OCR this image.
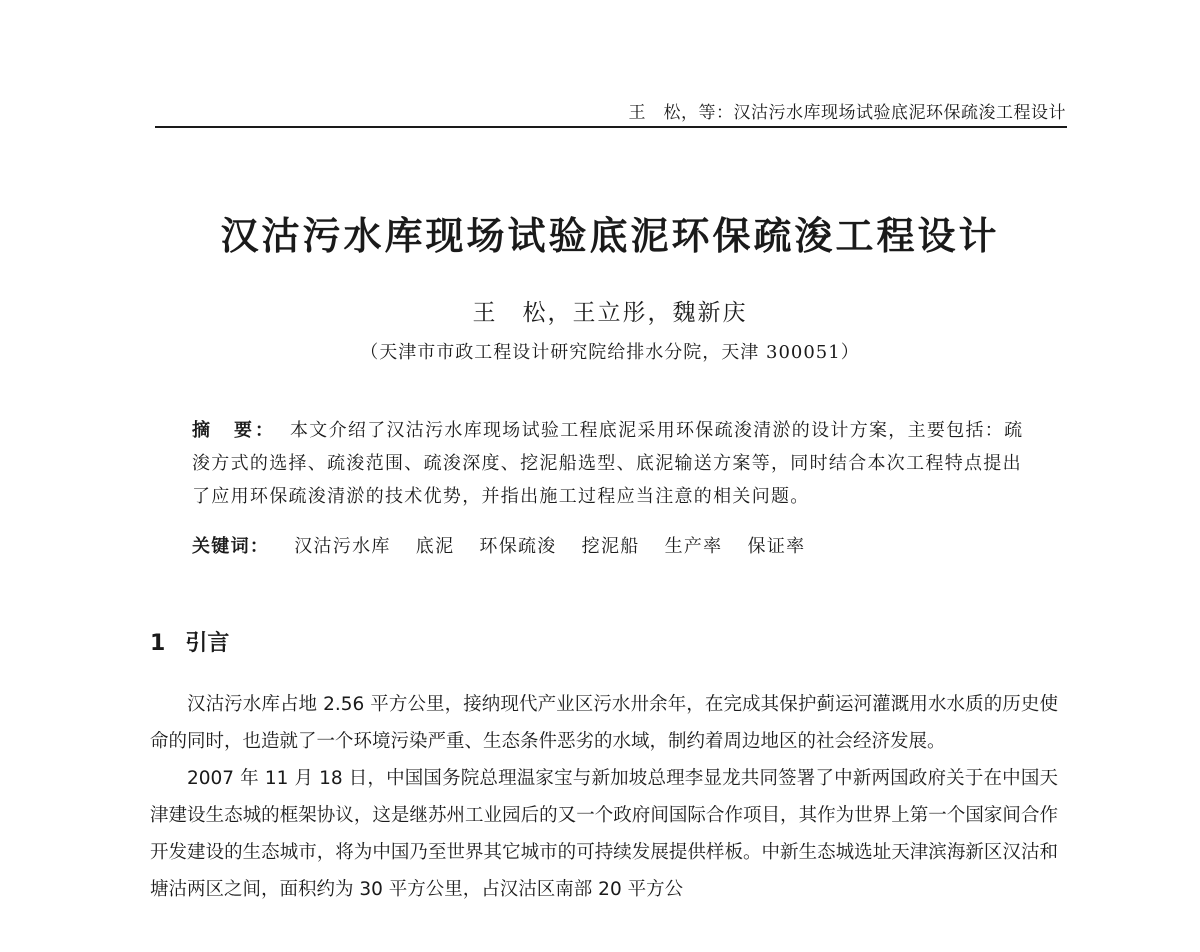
王　松，等：汉沽污水库现场试验底泥环保疏浚工程设计
汉沽污水库现场试验底泥环保疏浚工程设计
王　松，王立彤，魏新庆
（天津市市政工程设计研究院给排水分院，天津 300051）
摘　要： 本文介绍了汉沽污水库现场试验工程底泥采用环保疏浚清淤的设计方案，主要包括：疏浚方式的选择、疏浚范围、疏浚深度、挖泥船选型、底泥输送方案等，同时结合本次工程特点提出了应用环保疏浚清淤的技术优势，并指出施工过程应当注意的相关问题。
关键词： 汉沽污水库 底泥 环保疏浚 挖泥船 生产率 保证率
1 引言

汉沽污水库占地 2.56 平方公里，接纳现代产业区污水卅余年，在完成其保护蓟运河灌溉用水水质的历史使命的同时，也造就了一个环境污染严重、生态条件恶劣的水域，制约着周边地区的社会经济发展。

2007 年 11 月 18 日，中国国务院总理温家宝与新加坡总理李显龙共同签署了中新两国政府关于在中国天津建设生态城的框架协议，这是继苏州工业园后的又一个政府间国际合作项目，其作为世界上第一个国家间合作开发建设的生态城市，将为中国乃至世界其它城市的可持续发展提供样板。中新生态城选址天津滨海新区汉沽和塘沽两区之间，面积约为 30 平方公里，占汉沽区南部 20 平方公
